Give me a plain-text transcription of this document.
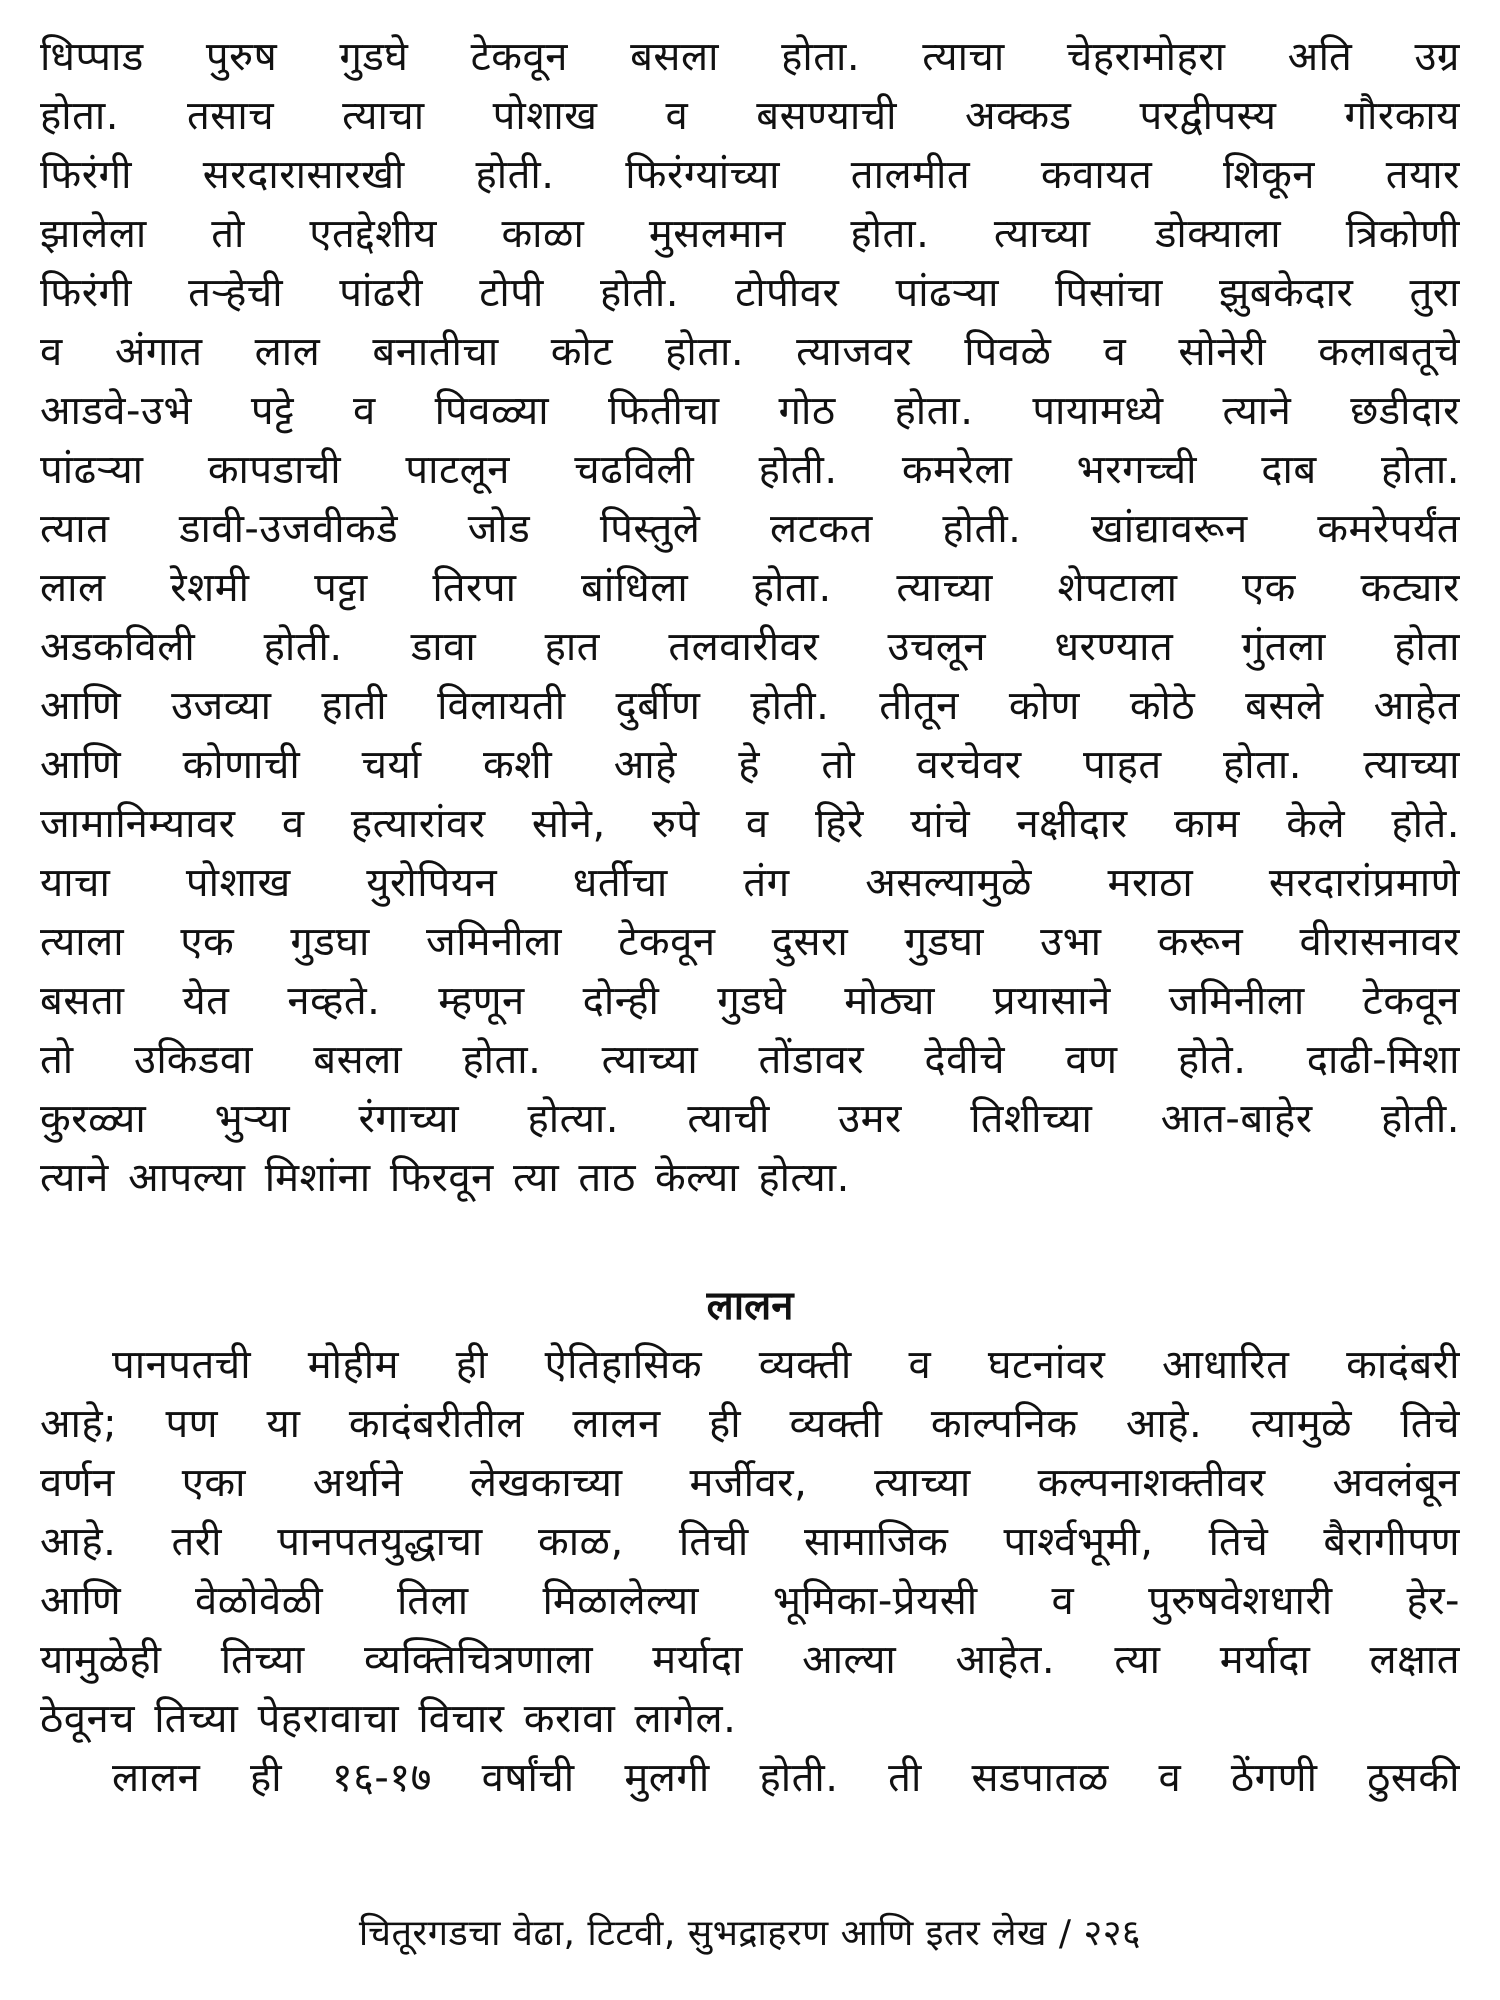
धिप्पाड पुरुष गुडघे टेकवून बसला होता. त्याचा चेहरामोहरा अति उग्र
होता. तसाच त्याचा पोशाख व बसण्याची अक्कड परद्वीपस्य गौरकाय
फिरंगी सरदारासारखी होती. फिरंग्यांच्या तालमीत कवायत शिकून तयार
झालेला तो एतद्देशीय काळा मुसलमान होता. त्याच्या डोक्याला त्रिकोणी
फिरंगी तऱ्हेची पांढरी टोपी होती. टोपीवर पांढऱ्या पिसांचा झुबकेदार तुरा
व अंगात लाल बनातीचा कोट होता. त्याजवर पिवळे व सोनेरी कलाबतूचे
आडवे-उभे पट्टे व पिवळ्या फितीचा गोठ होता. पायामध्ये त्याने छडीदार
पांढऱ्या कापडाची पाटलून चढविली होती. कमरेला भरगच्ची दाब होता.
त्यात डावी-उजवीकडे जोड पिस्तुले लटकत होती. खांद्यावरून कमरेपर्यंत
लाल रेशमी पट्टा तिरपा बांधिला होता. त्याच्या शेपटाला एक कट्यार
अडकविली होती. डावा हात तलवारीवर उचलून धरण्यात गुंतला होता
आणि उजव्या हाती विलायती दुर्बीण होती. तीतून कोण कोठे बसले आहेत
आणि कोणाची चर्या कशी आहे हे तो वरचेवर पाहत होता. त्याच्या
जामानिम्यावर व हत्यारांवर सोने, रुपे व हिरे यांचे नक्षीदार काम केले होते.
याचा पोशाख युरोपियन धर्तीचा तंग असल्यामुळे मराठा सरदारांप्रमाणे
त्याला एक गुडघा जमिनीला टेकवून दुसरा गुडघा उभा करून वीरासनावर
बसता येत नव्हते. म्हणून दोन्ही गुडघे मोठ्या प्रयासाने जमिनीला टेकवून
तो उकिडवा बसला होता. त्याच्या तोंडावर देवीचे वण होते. दाढी-मिशा
कुरळ्या भुऱ्या रंगाच्या होत्या. त्याची उमर तिशीच्या आत-बाहेर होती.
त्याने आपल्या मिशांना फिरवून त्या ताठ केल्या होत्या.

लालन

पानपतची मोहीम ही ऐतिहासिक व्यक्ती व घटनांवर आधारित कादंबरी
आहे; पण या कादंबरीतील लालन ही व्यक्ती काल्पनिक आहे. त्यामुळे तिचे
वर्णन एका अर्थाने लेखकाच्या मर्जीवर, त्याच्या कल्पनाशक्तीवर अवलंबून
आहे. तरी पानपतयुद्धाचा काळ, तिची सामाजिक पार्श्वभूमी, तिचे बैरागीपण
आणि वेळोवेळी तिला मिळालेल्या भूमिका-प्रेयसी व पुरुषवेशधारी हेर-
यामुळेही तिच्या व्यक्तिचित्रणाला मर्यादा आल्या आहेत. त्या मर्यादा लक्षात
ठेवूनच तिच्या पेहरावाचा विचार करावा लागेल.

लालन ही १६-१७ वर्षांची मुलगी होती. ती सडपातळ व ठेंगणी ठुसकी

चितूरगडचा वेढा, टिटवी, सुभद्राहरण आणि इतर लेख / २२६
